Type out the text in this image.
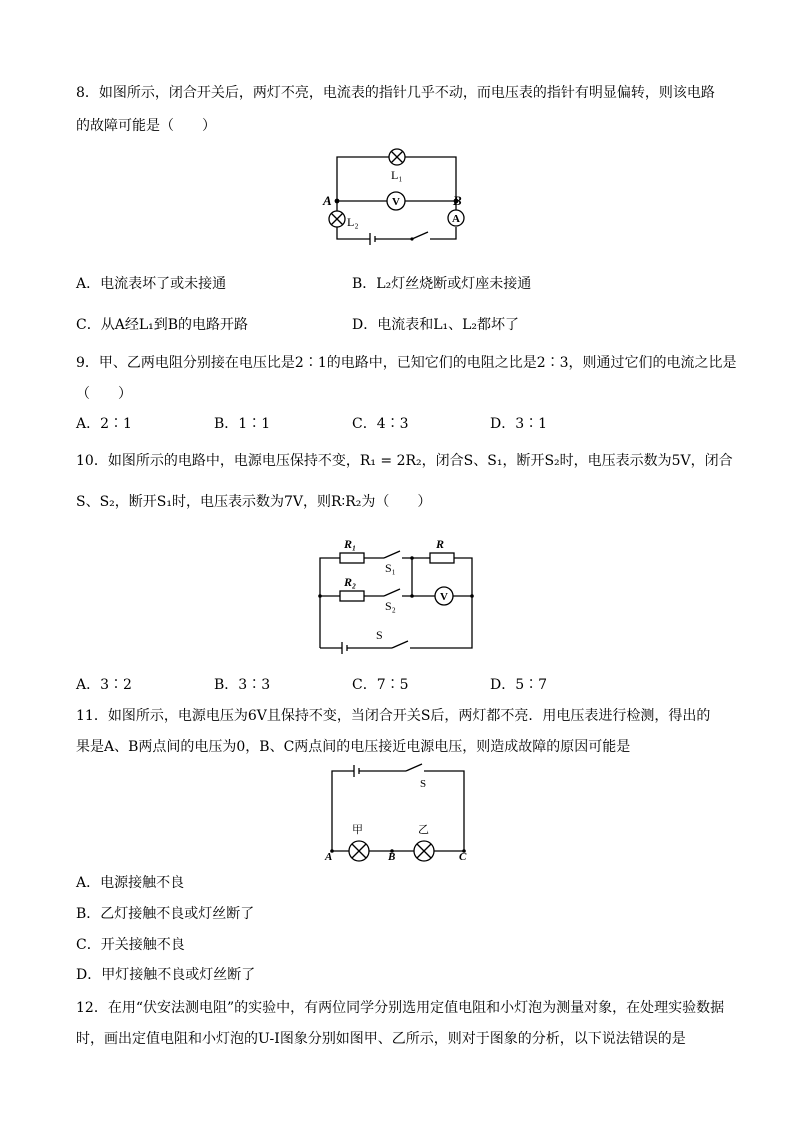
8．如图所示，闭合开关后，两灯不亮，电流表的指针几乎不动，而电压表的指针有明显偏转，则该电路
的故障可能是（　　）
L₁
L₂
A	B
V
A
A．电流表坏了或未接通	B．L₂灯丝烧断或灯座未接通
C．从A经L₁到B的电路开路	D．电流表和L₁、L₂都坏了
9．甲、乙两电阻分别接在电压比是2∶1的电路中，已知它们的电阻之比是2∶3，则通过它们的电流之比是
（　　）
A．2∶1	B．1∶1	C．4∶3	D．3∶1
10．如图所示的电路中，电源电压保持不变，R₁ = 2R₂，闭合S、S₁，断开S₂时，电压表示数为5V，闭合
S、S₂，断开S₁时，电压表示数为7V，则R∶R₂为（　　）
R₁
R₂
R
S₁
S₂
S
V
A．3∶2	B．3∶3	C．7∶5	D．5∶7
11．如图所示，电源电压为6V且保持不变，当闭合开关S后，两灯都不亮．用电压表进行检测，得出的
果是A、B两点间的电压为0，B、C两点间的电压接近电源电压，则造成故障的原因可能是
S
甲	乙
A	B	C
A．电源接触不良
B．乙灯接触不良或灯丝断了
C．开关接触不良
D．甲灯接触不良或灯丝断了
12．在用“伏安法测电阻”的实验中，有两位同学分别选用定值电阻和小灯泡为测量对象，在处理实验数据
时，画出定值电阻和小灯泡的U-I图象分别如图甲、乙所示，则对于图象的分析，以下说法错误的是
